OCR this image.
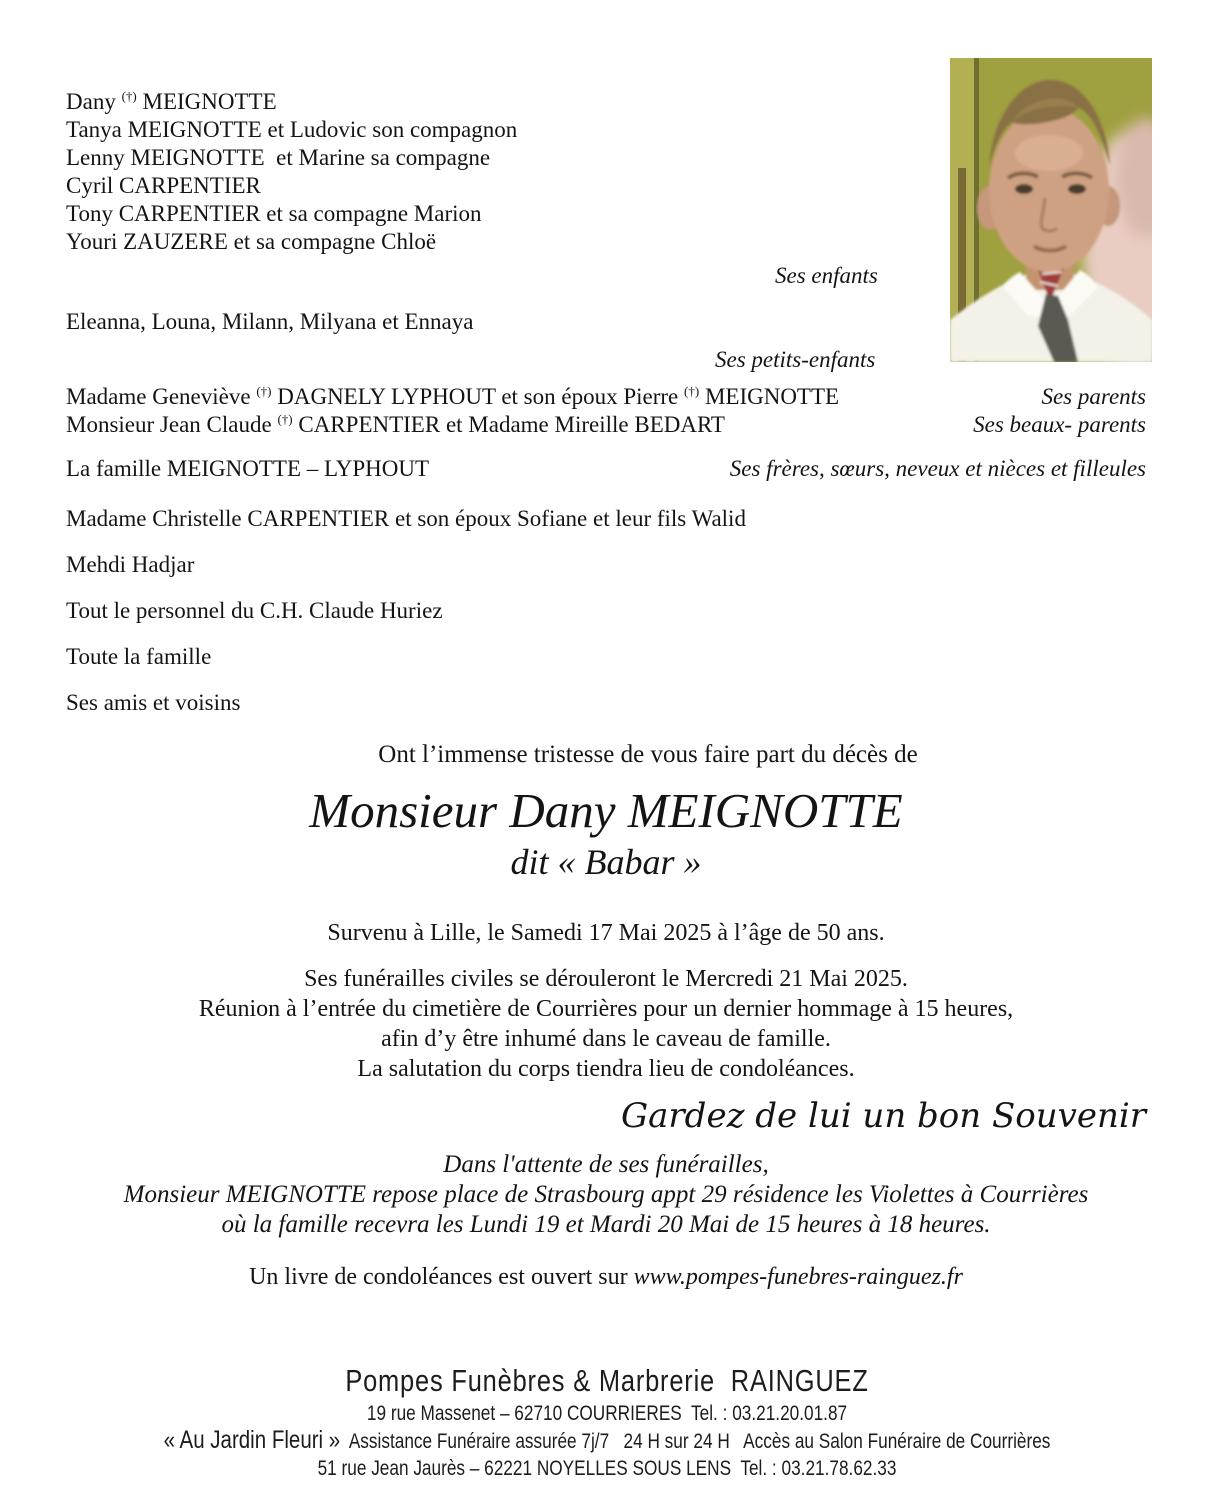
Dany (†) MEIGNOTTE
Tanya MEIGNOTTE et Ludovic son compagnon
Lenny MEIGNOTTE  et Marine sa compagne
Cyril CARPENTIER
Tony CARPENTIER et sa compagne Marion
Youri ZAUZERE et sa compagne Chloë
Ses enfants
Eleanna, Louna, Milann, Milyana et Ennaya
Ses petits-enfants
Madame Geneviève (†) DAGNELY LYPHOUT et son époux Pierre (†) MEIGNOTTE	Ses parents
Monsieur Jean Claude (†) CARPENTIER et Madame Mireille BEDART	Ses beaux- parents
La famille MEIGNOTTE – LYPHOUT	Ses frères, sœurs, neveux et nièces et filleules
Madame Christelle CARPENTIER et son époux Sofiane et leur fils Walid
Mehdi Hadjar
Tout le personnel du C.H. Claude Huriez
Toute la famille
Ses amis et voisins
Ont l’immense tristesse de vous faire part du décès de
Monsieur Dany MEIGNOTTE
dit « Babar »
Survenu à Lille, le Samedi 17 Mai 2025 à l’âge de 50 ans.
Ses funérailles civiles se dérouleront le Mercredi 21 Mai 2025.
Réunion à l’entrée du cimetière de Courrières pour un dernier hommage à 15 heures,
afin d’y être inhumé dans le caveau de famille.
La salutation du corps tiendra lieu de condoléances.
Gardez de lui un bon Souvenir
Dans l'attente de ses funérailles,
Monsieur MEIGNOTTE repose place de Strasbourg appt 29 résidence les Violettes à Courrières
où la famille recevra les Lundi 19 et Mardi 20 Mai de 15 heures à 18 heures.
Un livre de condoléances est ouvert sur www.pompes-funebres-rainguez.fr
Pompes Funèbres & Marbrerie  RAINGUEZ
19 rue Massenet – 62710 COURRIERES  Tel. : 03.21.20.01.87
« Au Jardin Fleuri »  Assistance Funéraire assurée 7j/7   24 H sur 24 H   Accès au Salon Funéraire de Courrières
51 rue Jean Jaurès – 62221 NOYELLES SOUS LENS  Tel. : 03.21.78.62.33
